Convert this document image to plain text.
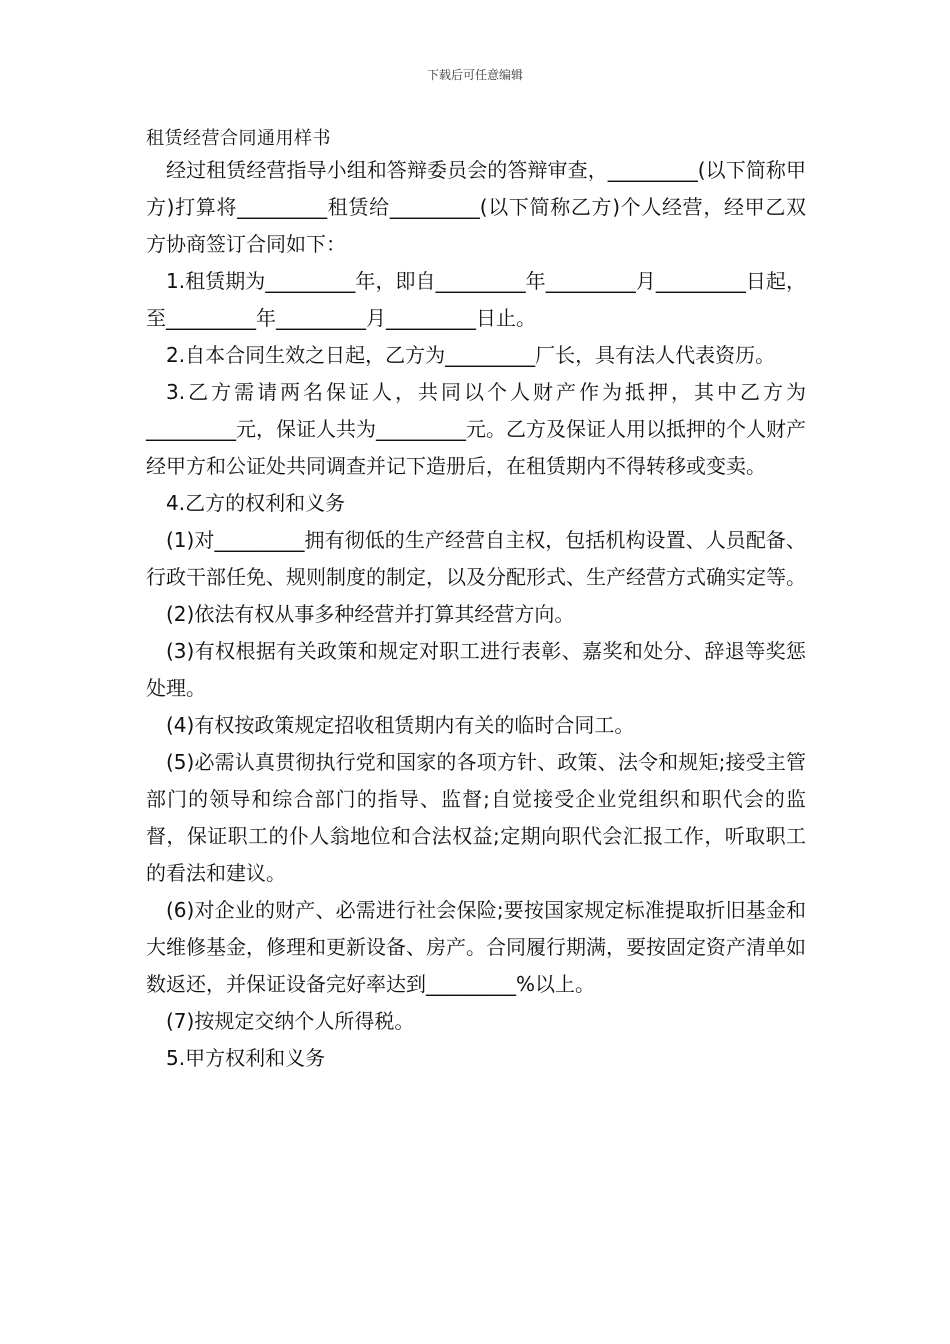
下载后可任意编辑
租赁经营合同通用样书

经过租赁经营指导小组和答辩委员会的答辩审查，_________(以下简称甲方)打算将_________租赁给_________(以下简称乙方)个人经营，经甲乙双方协商签订合同如下：

1.租赁期为_________年，即自_________年_________月_________日起，至_________年_________月_________日止。

2.自本合同生效之日起，乙方为_________厂长，具有法人代表资历。

3.乙方需请两名保证人，共同以个人财产作为抵押，其中乙方为_________元，保证人共为_________元。乙方及保证人用以抵押的个人财产经甲方和公证处共同调查并记下造册后，在租赁期内不得转移或变卖。

4.乙方的权利和义务

(1)对_________拥有彻低的生产经营自主权，包括机构设置、人员配备、行政干部任免、规则制度的制定，以及分配形式、生产经营方式确实定等。

(2)依法有权从事多种经营并打算其经营方向。

(3)有权根据有关政策和规定对职工进行表彰、嘉奖和处分、辞退等奖惩处理。

(4)有权按政策规定招收租赁期内有关的临时合同工。

(5)必需认真贯彻执行党和国家的各项方针、政策、法令和规矩;接受主管部门的领导和综合部门的指导、监督;自觉接受企业党组织和职代会的监督，保证职工的仆人翁地位和合法权益;定期向职代会汇报工作，听取职工的看法和建议。

(6)对企业的财产、必需进行社会保险;要按国家规定标准提取折旧基金和大维修基金，修理和更新设备、房产。合同履行期满，要按固定资产清单如数返还，并保证设备完好率达到_________%以上。

(7)按规定交纳个人所得税。

5.甲方权利和义务
